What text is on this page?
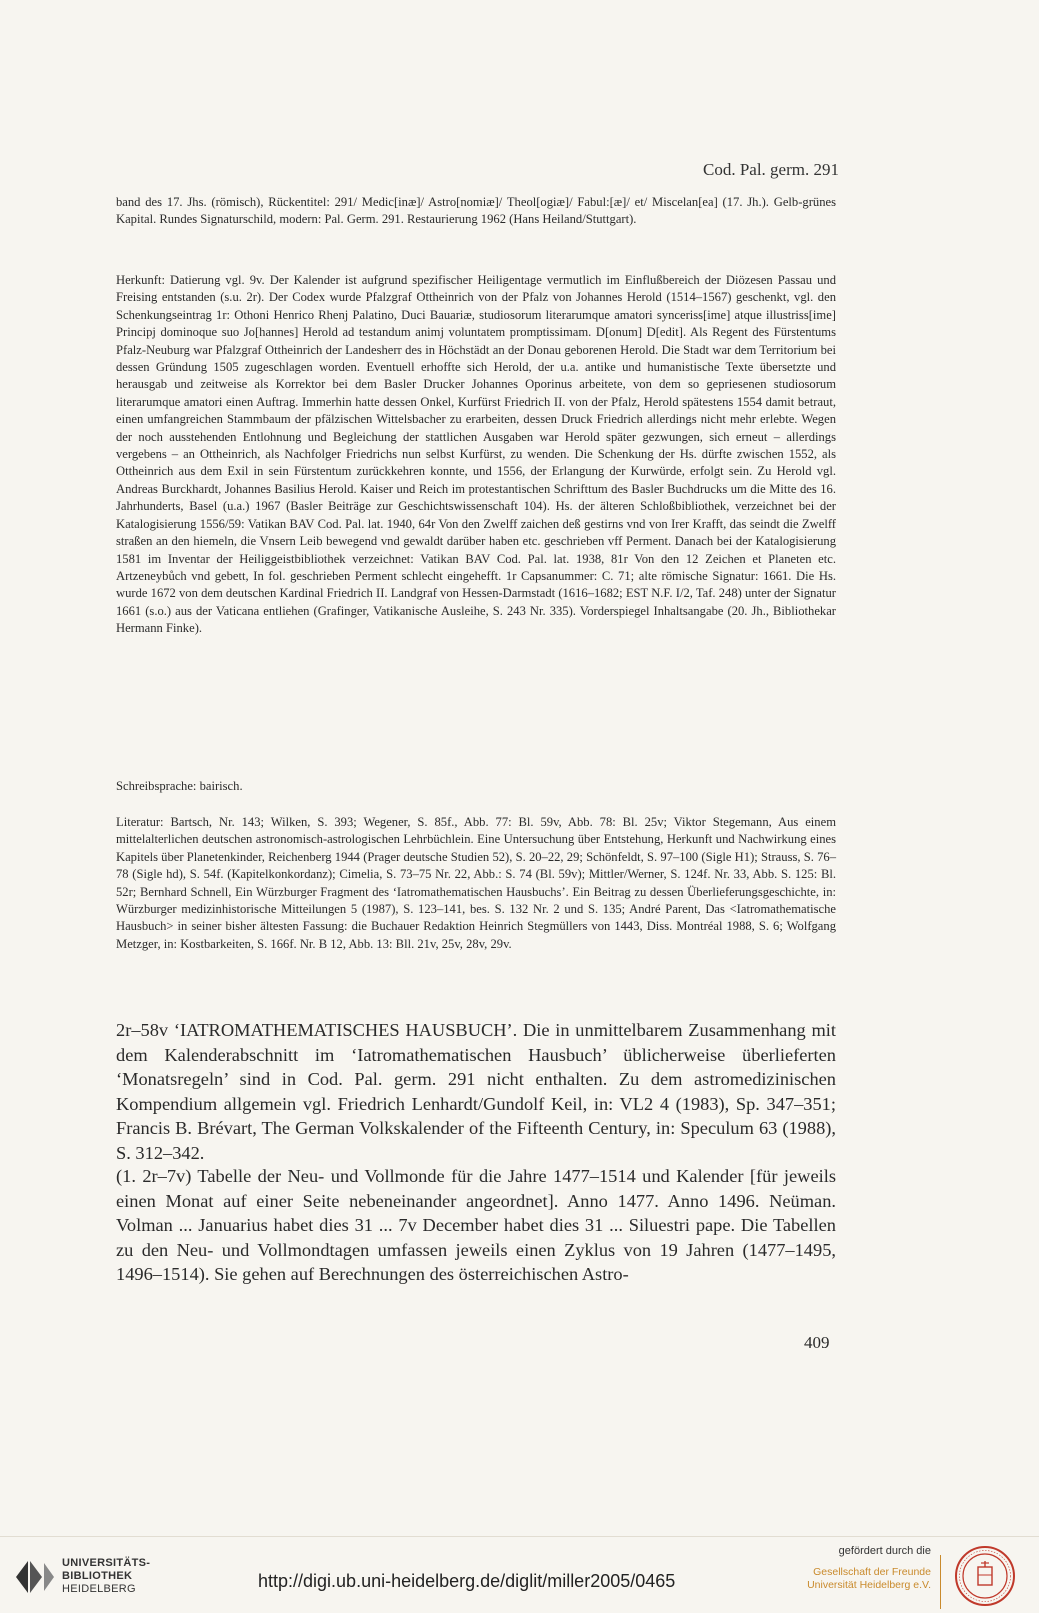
Cod. Pal. germ. 291

band des 17. Jhs. (römisch), Rückentitel: 291/ Medic[inæ]/ Astro[nomiæ]/ Theol[ogiæ]/ Fabul:[æ]/ et/ Miscelan[ea] (17. Jh.). Gelb-grünes Kapital. Rundes Signaturschild, modern: Pal. Germ. 291. Restaurierung 1962 (Hans Heiland/Stuttgart).

Herkunft: Datierung vgl. 9v. Der Kalender ist aufgrund spezifischer Heiligentage vermutlich im Einflußbereich der Diözesen Passau und Freising entstanden (s.u. 2r). Der Codex wurde Pfalzgraf Ottheinrich von der Pfalz von Johannes Herold (1514–1567) geschenkt, vgl. den Schenkungseintrag 1r: Othoni Henrico Rhenj Palatino, Duci Bauariæ, studiosorum literarumque amatori synceriss[ime] atque illustriss[ime] Principj dominoque suo Jo[hannes] Herold ad testandum animj voluntatem promptissimam. D[onum] D[edit]. Als Regent des Fürstentums Pfalz-Neuburg war Pfalzgraf Ottheinrich der Landesherr des in Höchstädt an der Donau geborenen Herold. Die Stadt war dem Territorium bei dessen Gründung 1505 zugeschlagen worden. Eventuell erhoffte sich Herold, der u.a. antike und humanistische Texte übersetzte und herausgab und zeitweise als Korrektor bei dem Basler Drucker Johannes Oporinus arbeitete, von dem so gepriesenen studiosorum literarumque amatori einen Auftrag. Immerhin hatte dessen Onkel, Kurfürst Friedrich II. von der Pfalz, Herold spätestens 1554 damit betraut, einen umfangreichen Stammbaum der pfälzischen Wittelsbacher zu erarbeiten, dessen Druck Friedrich allerdings nicht mehr erlebte. Wegen der noch ausstehenden Entlohnung und Begleichung der stattlichen Ausgaben war Herold später gezwungen, sich erneut – allerdings vergebens – an Ottheinrich, als Nachfolger Friedrichs nun selbst Kurfürst, zu wenden. Die Schenkung der Hs. dürfte zwischen 1552, als Ottheinrich aus dem Exil in sein Fürstentum zurückkehren konnte, und 1556, der Erlangung der Kurwürde, erfolgt sein. Zu Herold vgl. Andreas Burckhardt, Johannes Basilius Herold. Kaiser und Reich im protestantischen Schrifttum des Basler Buchdrucks um die Mitte des 16. Jahrhunderts, Basel (u.a.) 1967 (Basler Beiträge zur Geschichtswissenschaft 104). Hs. der älteren Schloßbibliothek, verzeichnet bei der Katalogisierung 1556/59: Vatikan BAV Cod. Pal. lat. 1940, 64r Von den Zwelff zaichen deß gestirns vnd von Irer Krafft, das seindt die Zwelff straßen an den hiemeln, die Vnsern Leib bewegend vnd gewaldt darüber haben etc. geschrieben vff Perment. Danach bei der Katalogisierung 1581 im Inventar der Heiliggeistbibliothek verzeichnet: Vatikan BAV Cod. Pal. lat. 1938, 81r Von den 12 Zeichen et Planeten etc. Artzeneybůch vnd gebett, In fol. geschrieben Perment schlecht eingehefft. 1r Capsanummer: C. 71; alte römische Signatur: 1661. Die Hs. wurde 1672 von dem deutschen Kardinal Friedrich II. Landgraf von Hessen-Darmstadt (1616–1682; EST N.F. I/2, Taf. 248) unter der Signatur 1661 (s.o.) aus der Vaticana entliehen (Grafinger, Vatikanische Ausleihe, S. 243 Nr. 335). Vorderspiegel Inhaltsangabe (20. Jh., Bibliothekar Hermann Finke).

Schreibsprache: bairisch.

Literatur: Bartsch, Nr. 143; Wilken, S. 393; Wegener, S. 85f., Abb. 77: Bl. 59v, Abb. 78: Bl. 25v; Viktor Stegemann, Aus einem mittelalterlichen deutschen astronomisch-astrologischen Lehrbüchlein. Eine Untersuchung über Entstehung, Herkunft und Nachwirkung eines Kapitels über Planetenkinder, Reichenberg 1944 (Prager deutsche Studien 52), S. 20–22, 29; Schönfeldt, S. 97–100 (Sigle H1); Strauss, S. 76–78 (Sigle hd), S. 54f. (Kapitelkonkordanz); Cimelia, S. 73–75 Nr. 22, Abb.: S. 74 (Bl. 59v); Mittler/Werner, S. 124f. Nr. 33, Abb. S. 125: Bl. 52r; Bernhard Schnell, Ein Würzburger Fragment des ‘Iatromathematischen Hausbuchs’. Ein Beitrag zu dessen Überlieferungsgeschichte, in: Würzburger medizinhistorische Mitteilungen 5 (1987), S. 123–141, bes. S. 132 Nr. 2 und S. 135; André Parent, Das <Iatromathematische Hausbuch> in seiner bisher ältesten Fassung: die Buchauer Redaktion Heinrich Stegmüllers von 1443, Diss. Montréal 1988, S. 6; Wolfgang Metzger, in: Kostbarkeiten, S. 166f. Nr. B 12, Abb. 13: Bll. 21v, 25v, 28v, 29v.

2r–58v ‘IATROMATHEMATISCHES HAUSBUCH’. Die in unmittelbarem Zusammenhang mit dem Kalenderabschnitt im ‘Iatromathematischen Hausbuch’ üblicherweise überlieferten ‘Monatsregeln’ sind in Cod. Pal. germ. 291 nicht enthalten. Zu dem astromedizinischen Kompendium allgemein vgl. Friedrich Lenhardt/Gundolf Keil, in: VL2 4 (1983), Sp. 347–351; Francis B. Brévart, The German Volkskalender of the Fifteenth Century, in: Speculum 63 (1988), S. 312–342.

(1. 2r–7v) Tabelle der Neu- und Vollmonde für die Jahre 1477–1514 und Kalender [für jeweils einen Monat auf einer Seite nebeneinander angeordnet]. Anno 1477. Anno 1496. Neüman. Volman ... Januarius habet dies 31 ... 7v December habet dies 31 ... Siluestri pape. Die Tabellen zu den Neu- und Vollmondtagen umfassen jeweils einen Zyklus von 19 Jahren (1477–1495, 1496–1514). Sie gehen auf Berechnungen des österreichischen Astro-

409
UNIVERSITÄTS-
BIBLIOTHEK
HEIDELBERG	http://digi.ub.uni-heidelberg.de/diglit/miller2005/0465
gefördert durch die
Gesellschaft der Freunde
Universität Heidelberg e.V.
